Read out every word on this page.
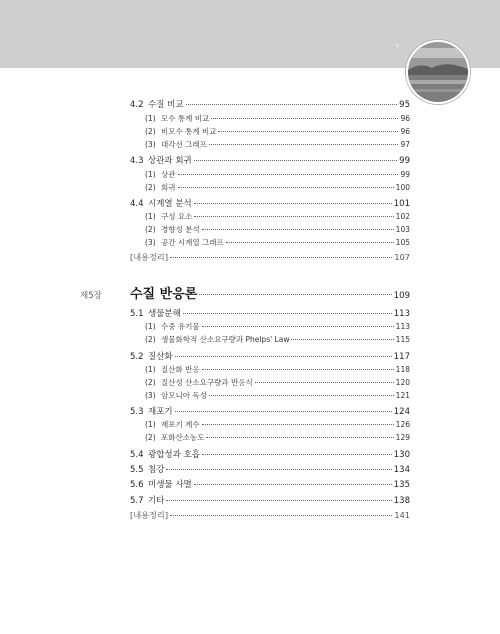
7
4.2 수질 비교	95
(1) 모수 통계 비교	96
(2) 비모수 통계 비교	96
(3) 대각선 그래프	97
4.3 상관과 회귀	99
(1) 상관	99
(2) 회귀	100
4.4 시계열 분석	101
(1) 구성 요소	102
(2) 경향성 분석	103
(3) 공간 시계열 그래프	105
[내용정리]	107
제5장	수질 반응론	109
5.1 생물분해	113
(1) 수중 유기물	113
(2) 생물화학적 산소요구량과 Phelps' Law	115
5.2 질산화	117
(1) 질산화 반응	118
(2) 질산성 산소요구량과 반응식	120
(3) 암모니아 독성	121
5.3 재포기	124
(1) 재포기 계수	126
(2) 포화산소농도	129
5.4 광합성과 호흡	130
5.5 침강	134
5.6 미생물 사멸	135
5.7 기타	138
[내용정리]	141
